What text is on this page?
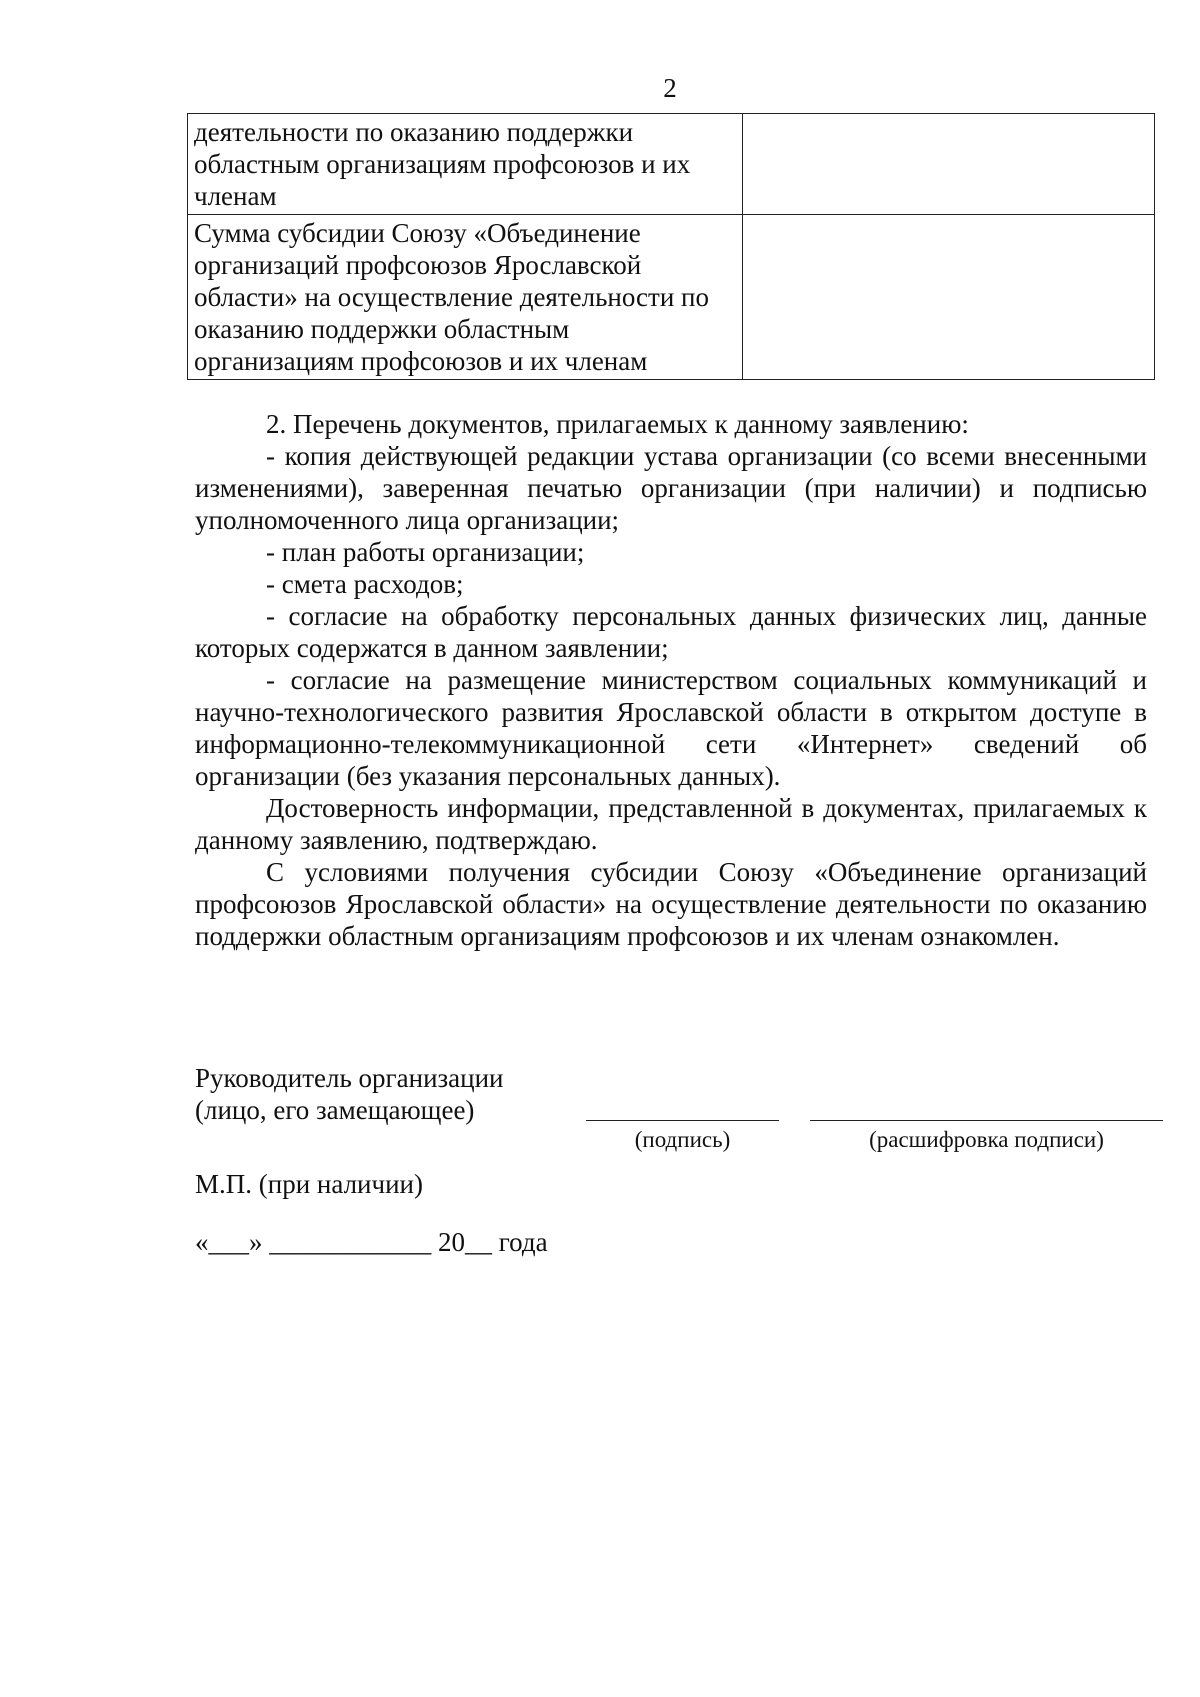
2
деятельности по оказанию поддержки областным организациям профсоюзов и их членам	
Сумма субсидии Союзу «Объединение организаций профсоюзов Ярославской области» на осуществление деятельности по оказанию поддержки областным организациям профсоюзов и их членам	

2. Перечень документов, прилагаемых к данному заявлению:

- копия действующей редакции устава организации (со всеми внесенными изменениями), заверенная печатью организации (при наличии) и подписью уполномоченного лица организации;

- план работы организации;

- смета расходов;

- согласие на обработку персональных данных физических лиц, данные которых содержатся в данном заявлении;

- согласие на размещение министерством социальных коммуникаций и научно-технологического развития Ярославской области в открытом доступе в информационно-телекоммуникационной сети «Интернет» сведений об организации (без указания персональных данных).

Достоверность информации, представленной в документах, прилагаемых к данному заявлению, подтверждаю.

С условиями получения субсидии Союзу «Объединение организаций профсоюзов Ярославской области» на осуществление деятельности по оказанию поддержки областным организациям профсоюзов и их членам ознакомлен.

Руководитель организации
(лицо, его замещающее)
(подпись)	(расшифровка подписи)
М.П. (при наличии)
«___» ____________ 20__ года
